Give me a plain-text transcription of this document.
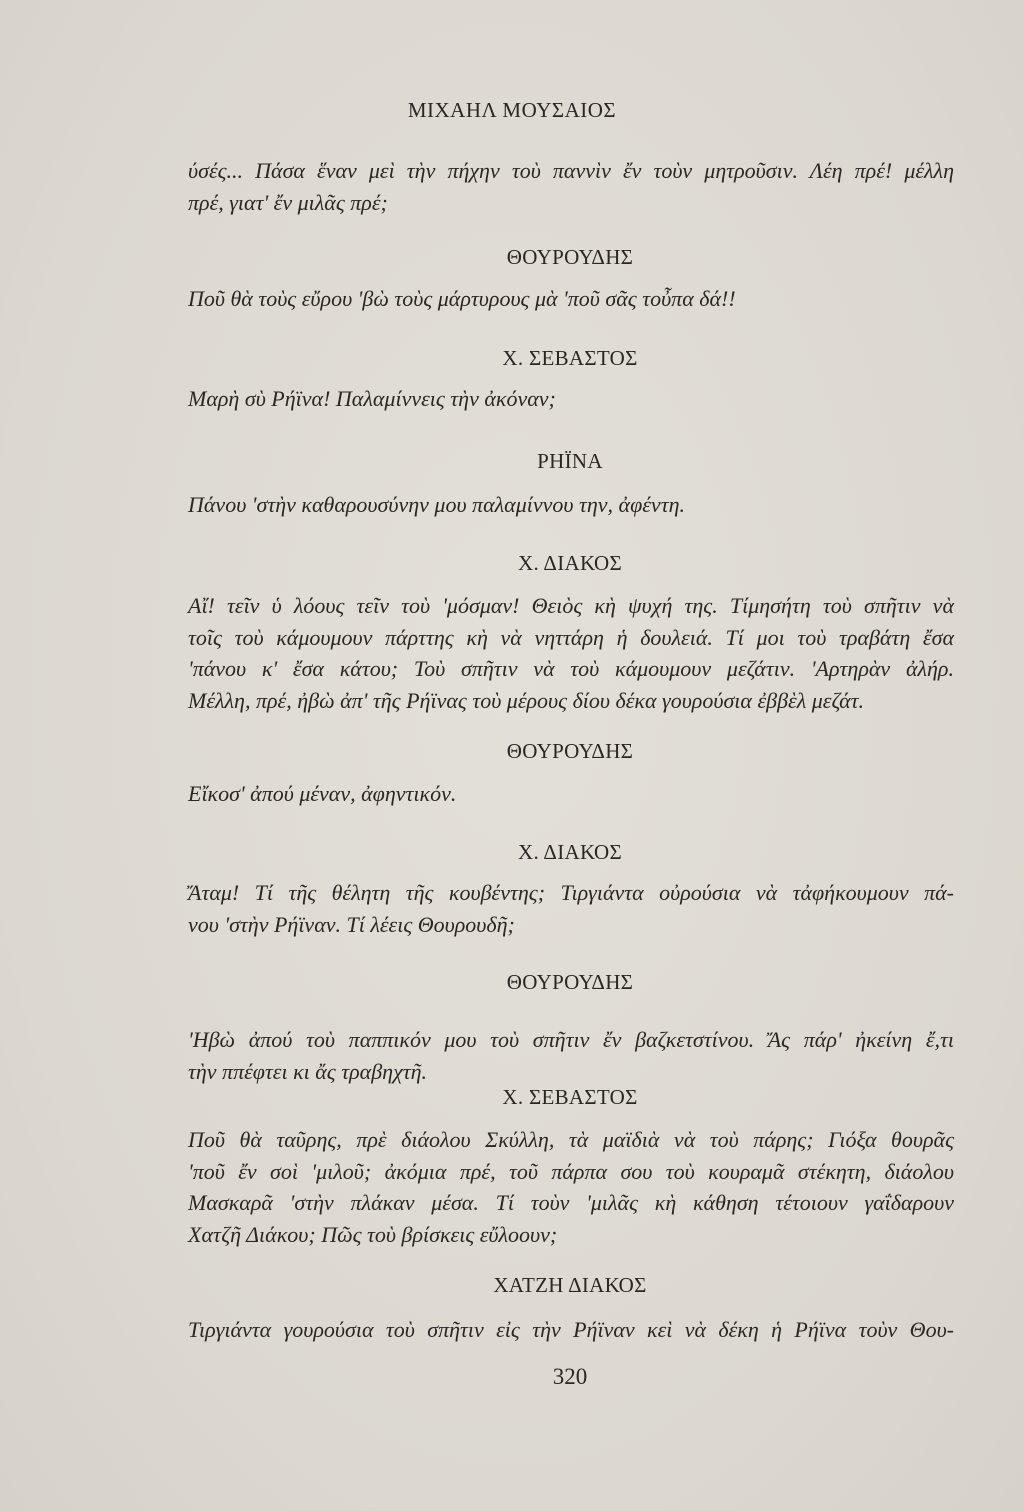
ΜΙΧΑΗΛ ΜΟΥΣΑΙΟΣ
ύσές... Πάσα ἕναν μεὶ τὴν πήχην τοὺ παννὶν ἔν τοὺν μητροῦσιν. Λέη πρέ! μέλλη
πρέ, γιατ' ἔν μιλᾶς πρέ;
ΘΟΥΡΟΥΔΗΣ
Ποῦ θὰ τοὺς εὔρου 'βὼ τοὺς μάρτυρους μὰ 'ποῦ σᾶς τοὖπα δά!!
Χ. ΣΕΒΑΣΤΟΣ
Μαρὴ σὺ Ρήϊνα! Παλαμίννεις τὴν ἀκόναν;
ΡΗΪΝΑ
Πάνου 'στὴν καθαρουσύνην μου παλαμίννου την, ἀφέντη.
Χ. ΔΙΑΚΟΣ
Αἴ! τεῖν ὑ λόους τεῖν τοὺ 'μόσμαν! Θειὸς κὴ ψυχή της. Τίμησήτη τοὺ σπῆτιν νὰ
τοῖς τοὺ κάμουμουν πάρττης κὴ νὰ νηττάρη ἡ δουλειά. Τί μοι τοὺ τραβάτη ἔσα
'πάνου κ' ἔσα κάτου; Τοὺ σπῆτιν νὰ τοὺ κάμουμουν μεζάτιν. 'Αρτηρὰν ἀλήρ.
Μέλλη, πρέ, ἠβὼ ἀπ' τῆς Ρήϊνας τοὺ μέρους δίου δέκα γουρούσια ἐββὲλ μεζάτ.
ΘΟΥΡΟΥΔΗΣ
Εἴκοσ' ἀπού μέναν, ἀφηντικόν.
Χ. ΔΙΑΚΟΣ
Ἄταμ! Τί τῆς θέλητη τῆς κουβέντης; Τιργιάντα οὐρούσια νὰ τἀφήκουμουν πά-
νου 'στὴν Ρήϊναν. Τί λέεις Θουρουδῆ;
ΘΟΥΡΟΥΔΗΣ
'Ηβὼ ἀπού τοὺ παππικόν μου τοὺ σπῆτιν ἔν βαζκετστίνου. Ἄς πάρ' ἠκείνη ἔ,τι
τὴν ππέφτει κι ἄς τραβηχτῆ.
Χ. ΣΕΒΑΣΤΟΣ
Ποῦ θὰ ταῦρης, πρὲ διάολου Σκύλλη, τὰ μαϊδιὰ νὰ τοὺ πάρης; Γιόξα θουρᾶς
'ποῦ ἔν σοὶ 'μιλοῦ; ἀκόμια πρέ, τοῦ πάρπα σου τοὺ κουραμᾶ στέκητη, διάολου
Μασκαρᾶ 'στὴν πλάκαν μέσα. Τί τοὺν 'μιλᾶς κὴ κάθηση τέτοιουν γαΐδαρουν
Χατζῆ Διάκου; Πῶς τοὺ βρίσκεις εὔλοουν;
ΧΑΤΖΗ ΔΙΑΚΟΣ
Τιργιάντα γουρούσια τοὺ σπῆτιν εἰς τὴν Ρήϊναν κεὶ νὰ δέκη ἡ Ρήϊνα τοὺν Θου-
320
